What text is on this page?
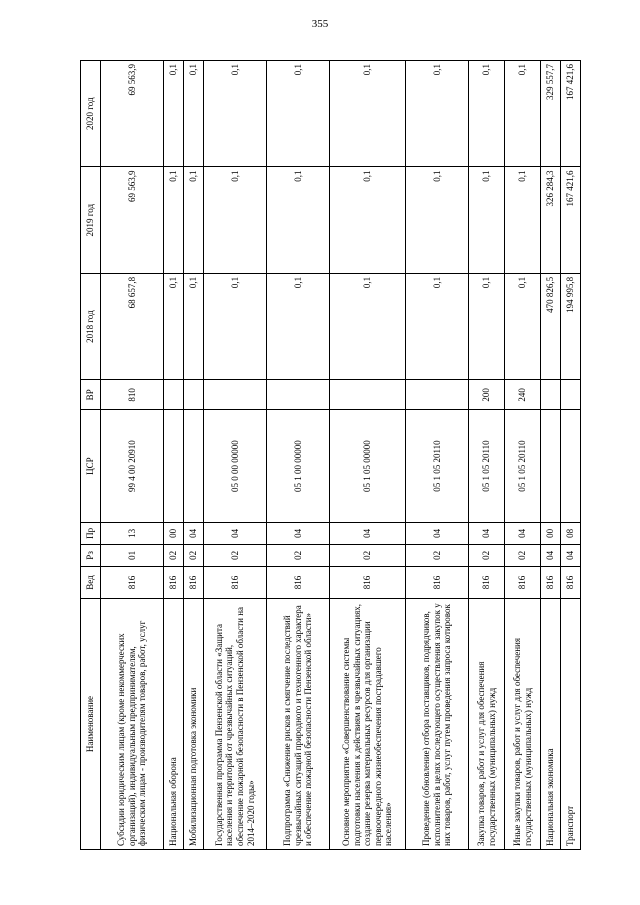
355
Наименование	Вед	Рз	Пр	ЦСР	ВР	2018 год	2019 год	2020 год
Субсидии юридическим лицам (кроме некоммерческих организаций), индивидуальным предпринимателям, физическим лицам - производителям товаров, работ, услуг	816	01	13	99 4 00 20910	810	68 657,8	69 563,9	69 563,9
Национальная оборона	816	02	00			0,1	0,1	0,1
Мобилизационная подготовка экономики	816	02	04			0,1	0,1	0,1
Государственная программа Пензенской области «Защита населения и территорий от чрезвычайных ситуаций, обеспечение пожарной безопасности в Пензенской области на 2014–2020 годы»	816	02	04	05 0 00 00000		0,1	0,1	0,1
Подпрограмма «Снижение рисков и смягчение последствий чрезвычайных ситуаций природного и техногенного характера и обеспечение пожарной безопасности Пензенской области»	816	02	04	05 1 00 00000		0,1	0,1	0,1
Основное мероприятие «Совершенствование системы подготовки населения к действиям в чрезвычайных ситуациях, создание резерва материальных ресурсов для организации первоочередного жизнеобеспечения пострадавшего населения»	816	02	04	05 1 05 00000		0,1	0,1	0,1
Проведение (обновление) отбора поставщиков, подрядчиков, исполнителей в целях последующего осуществления закупок у них товаров, работ, услуг путем проведения запроса котировок	816	02	04	05 1 05 20110		0,1	0,1	0,1
Закупка товаров, работ и услуг для обеспечения государственных (муниципальных) нужд	816	02	04	05 1 05 20110	200	0,1	0,1	0,1
Иные закупки товаров, работ и услуг для обеспечения государственных (муниципальных) нужд	816	02	04	05 1 05 20110	240	0,1	0,1	0,1
Национальная экономика	816	04	00			470 826,5	326 284,3	329 557,7
Транспорт	816	04	08			194 995,8	167 421,6	167 421,6
